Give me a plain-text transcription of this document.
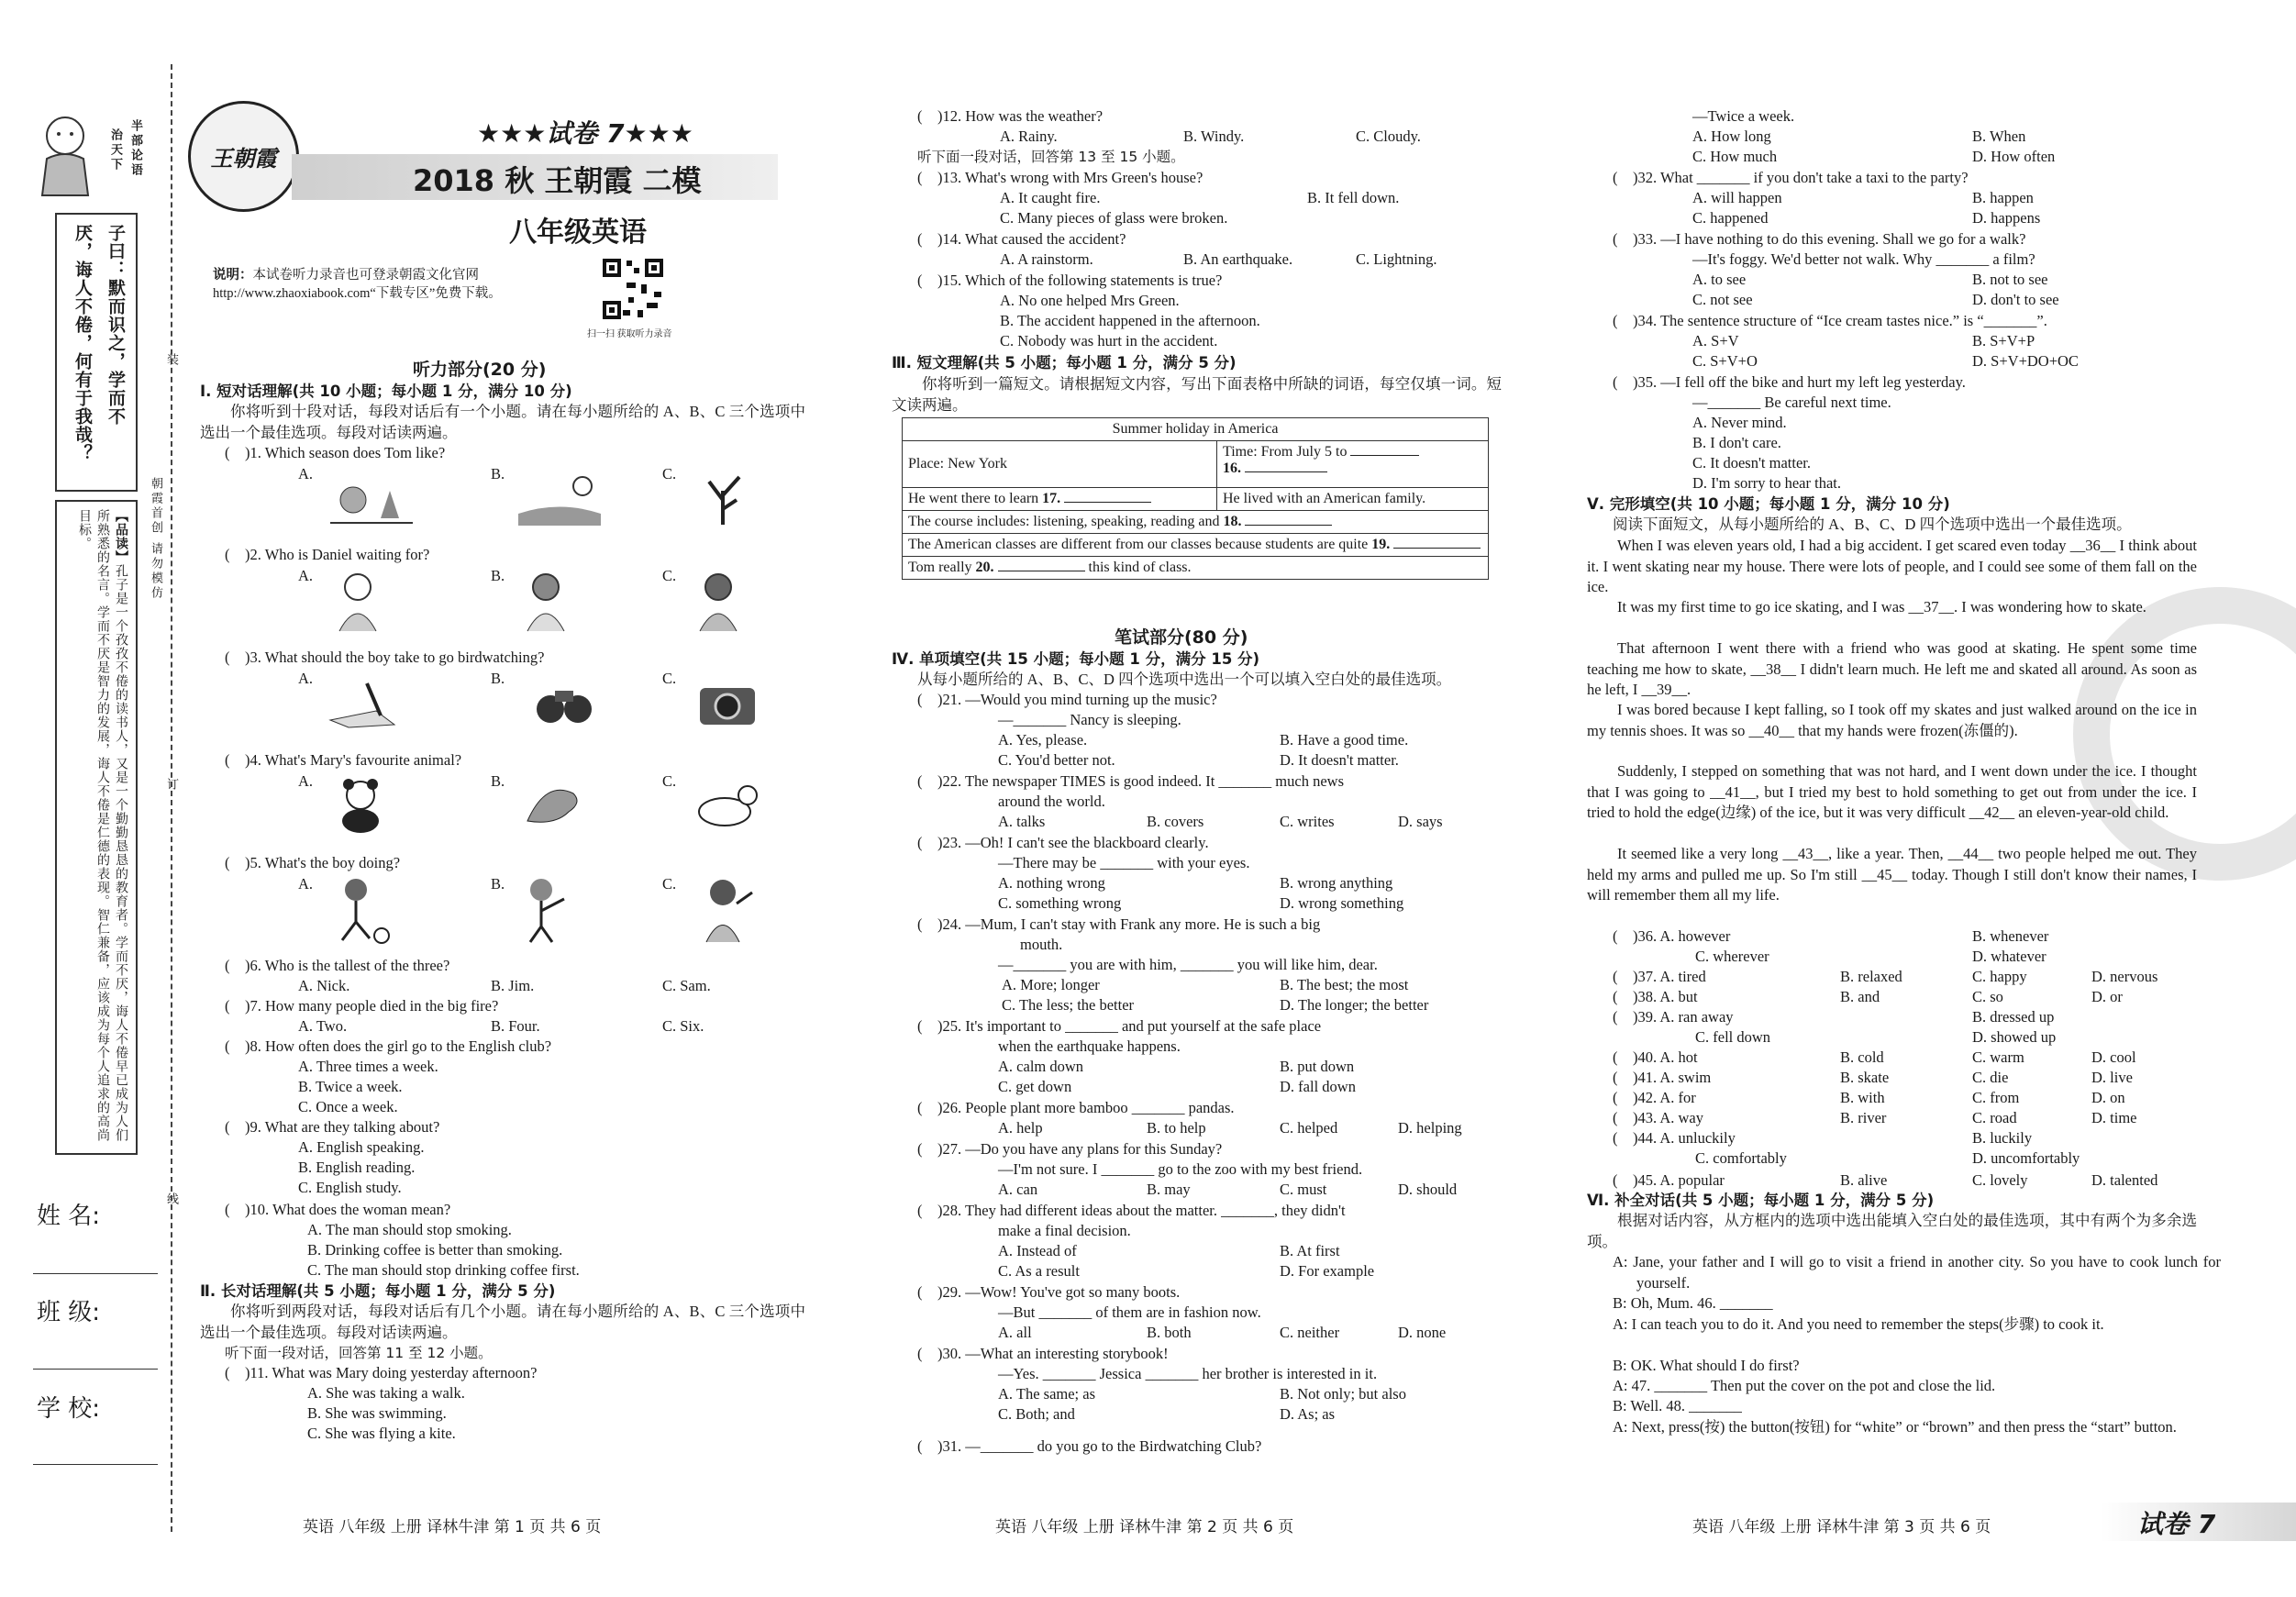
半部论语
治天下
子曰：默而识之，学而不
厌，诲人不倦，何有于我哉？
【品读】孔子是一个孜孜不倦的读书人，又是一个勤勤恳恳的教育者。学而不厌，诲人不倦早已成为人们所熟悉的名言。学而不厌是智力的发展，诲人不倦是仁德的表现。智仁兼备，应该成为每个人追求的高尚目标。	朝霞首创 请勿模仿
装
订
线
姓 名:
班 级:
学 校:
王朝霞
★★★试卷 7★★★
2018 秋 王朝霞 二模
八年级英语
说明：本试卷听力录音也可登录朝霞文化官网 http://www.zhaoxiabook.com“下载专区”免费下载。
扫一扫 获取听力录音
听力部分(20 分)
Ⅰ. 短对话理解(共 10 小题；每小题 1 分，满分 10 分)
你将听到十段对话，每段对话后有一个小题。请在每小题所给的 A、B、C 三个选项中选出一个最佳选项。每段对话读两遍。
(    )1. Which season does Tom like?
A.	B.	C.
(    )2. Who is Daniel waiting for?
A.	B.	C.
(    )3. What should the boy take to go birdwatching?
A.	B.	C.
(    )4. What's Mary's favourite animal?
A.	B.	C.
(    )5. What's the boy doing?
A.	B.	C.
(    )6. Who is the tallest of the three?
A. Nick.	B. Jim.	C. Sam.
(    )7. How many people died in the big fire?
A. Two.	B. Four.	C. Six.
(    )8. How often does the girl go to the English club?
A. Three times a week.
B. Twice a week.
C. Once a week.
(    )9. What are they talking about?
A. English speaking.
B. English reading.
C. English study.
(    )10. What does the woman mean?
A. The man should stop smoking.
B. Drinking coffee is better than smoking.
C. The man should stop drinking coffee first.
Ⅱ. 长对话理解(共 5 小题；每小题 1 分，满分 5 分)
你将听到两段对话，每段对话后有几个小题。请在每小题所给的 A、B、C 三个选项中选出一个最佳选项。每段对话读两遍。
听下面一段对话，回答第 11 至 12 小题。
(    )11. What was Mary doing yesterday afternoon?
A. She was taking a walk.
B. She was swimming.
C. She was flying a kite.
英语 八年级 上册 译林牛津 第 1 页 共 6 页
(    )12. How was the weather?
A. Rainy.	B. Windy.	C. Cloudy.
听下面一段对话，回答第 13 至 15 小题。
(    )13. What's wrong with Mrs Green's house?
A. It caught fire.	B. It fell down.
C. Many pieces of glass were broken.
(    )14. What caused the accident?
A. A rainstorm.	B. An earthquake.	C. Lightning.
(    )15. Which of the following statements is true?
A. No one helped Mrs Green.
B. The accident happened in the afternoon.
C. Nobody was hurt in the accident.
Ⅲ. 短文理解(共 5 小题；每小题 1 分，满分 5 分)
你将听到一篇短文。请根据短文内容，写出下面表格中所缺的词语，每空仅填一词。短文读两遍。
Summer holiday in America	
Place: New York	Time: From July 5 to
16.
He went there to learn 17.	He lived with an American family.
The course includes: listening, speaking, reading and 18.	
The American classes are different from our classes because students are quite 19.	
Tom really 20. this kind of class.	
笔试部分(80 分)
Ⅳ. 单项填空(共 15 小题；每小题 1 分，满分 15 分)
从每小题所给的 A、B、C、D 四个选项中选出一个可以填入空白处的最佳选项。
(    )21. —Would you mind turning up the music?
—_______ Nancy is sleeping.
A. Yes, please.	B. Have a good time.
C. You'd better not.	D. It doesn't matter.
(    )22. The newspaper TIMES is good indeed. It _______ much news
around the world.
A. talks	B. covers	C. writes	D. says
(    )23. —Oh! I can't see the blackboard clearly.
—There may be _______ with your eyes.
A. nothing wrong	B. wrong anything
C. something wrong	D. wrong something
(    )24. —Mum, I can't stay with Frank any more. He is such a big
mouth.
—_______ you are with him, _______ you will like him, dear.
A. More; longer	B. The best; the most
C. The less; the better	D. The longer; the better
(    )25. It's important to _______ and put yourself at the safe place
when the earthquake happens.
A. calm down	B. put down
C. get down	D. fall down
(    )26. People plant more bamboo _______ pandas.
A. help	B. to help	C. helped	D. helping
(    )27. —Do you have any plans for this Sunday?
—I'm not sure. I _______ go to the zoo with my best friend.
A. can	B. may	C. must	D. should
(    )28. They had different ideas about the matter. _______, they didn't
make a final decision.
A. Instead of	B. At first
C. As a result	D. For example
(    )29. —Wow! You've got so many boots.
—But _______ of them are in fashion now.
A. all	B. both	C. neither	D. none
(    )30. —What an interesting storybook!
—Yes. _______ Jessica _______ her brother is interested in it.
A. The same; as	B. Not only; but also
C. Both; and	D. As; as
(    )31. —_______ do you go to the Birdwatching Club?
英语 八年级 上册 译林牛津 第 2 页 共 6 页
—Twice a week.
A. How long	B. When
C. How much	D. How often
(    )32. What _______ if you don't take a taxi to the party?
A. will happen	B. happen
C. happened	D. happens
(    )33. —I have nothing to do this evening. Shall we go for a walk?
—It's foggy. We'd better not walk. Why _______ a film?
A. to see	B. not to see
C. not see	D. don't to see
(    )34. The sentence structure of “Ice cream tastes nice.” is “_______”.
A. S+V	B. S+V+P
C. S+V+O	D. S+V+DO+OC
(    )35. —I fell off the bike and hurt my left leg yesterday.
—_______ Be careful next time.
A. Never mind.
B. I don't care.
C. It doesn't matter.
D. I'm sorry to hear that.
Ⅴ. 完形填空(共 10 小题；每小题 1 分，满分 10 分)
阅读下面短文，从每小题所给的 A、B、C、D 四个选项中选出一个最佳选项。
When I was eleven years old, I had a big accident. I get scared even today __36__ I think about it. I went skating near my house. There were lots of people, and I could see some of them fall on the ice.
It was my first time to go ice skating, and I was __37__. I was wondering how to skate.
That afternoon I went there with a friend who was good at skating. He spent some time teaching me how to skate, __38__ I didn't learn much. He left me and skated all around. As soon as he left, I __39__.
I was bored because I kept falling, so I took off my skates and just walked around on the ice in my tennis shoes. It was so __40__ that my hands were frozen(冻僵的).
Suddenly, I stepped on something that was not hard, and I went down under the ice. I thought that I was going to __41__, but I tried my best to hold something to get out from under the ice. I tried to hold the edge(边缘) of the ice, but it was very difficult __42__ an eleven-year-old child.
It seemed like a very long __43__, like a year. Then, __44__ two people helped me out. They held my arms and pulled me up. So I'm still __45__ today. Though I still don't know their names, I will remember them all my life.
(    )36. A. however	B. whenever
C. wherever	D. whatever
(    )37. A. tired	B. relaxed	C. happy	D. nervous
(    )38. A. but	B. and	C. so	D. or
(    )39. A. ran away	B. dressed up
C. fell down	D. showed up
(    )40. A. hot	B. cold	C. warm	D. cool
(    )41. A. swim	B. skate	C. die	D. live
(    )42. A. for	B. with	C. from	D. on
(    )43. A. way	B. river	C. road	D. time
(    )44. A. unluckily	B. luckily
C. comfortably	D. uncomfortably
(    )45. A. popular	B. alive	C. lovely	D. talented
Ⅵ. 补全对话(共 5 小题；每小题 1 分，满分 5 分)
根据对话内容，从方框内的选项中选出能填入空白处的最佳选项，其中有两个为多余选项。
A: Jane, your father and I will go to visit a friend in another city. So you have to cook lunch for yourself.
B: Oh, Mum. 46. _______
A: I can teach you to do it. And you need to remember the steps(步骤) to cook it.
B: OK. What should I do first?
A: 47. _______ Then put the cover on the pot and close the lid.
B: Well. 48. _______
A: Next, press(按) the button(按钮) for “white” or “brown” and then press the “start” button.
英语 八年级 上册 译林牛津 第 3 页 共 6 页	试卷 7
